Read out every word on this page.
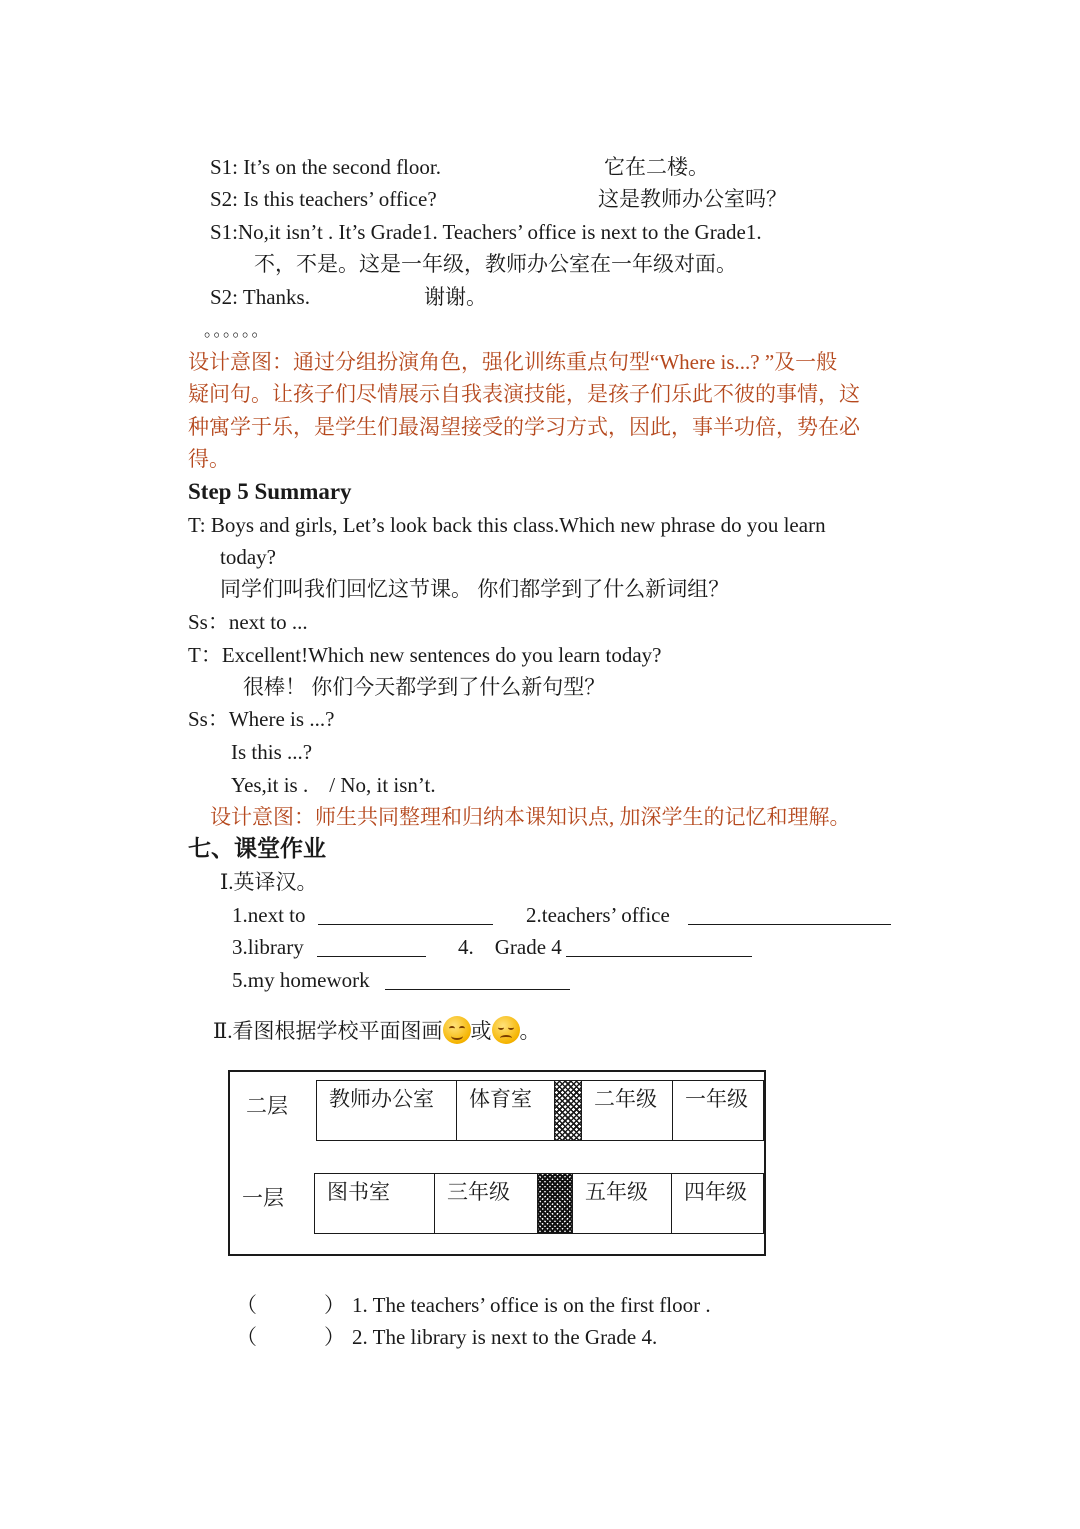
S1: It’s on the second floor.	它在二楼。
S2: Is this teachers’ office?	这是教师办公室吗？
S1:No,it isn’t . It’s Grade1. Teachers’ office is next to the Grade1.
不，不是。这是一年级，教师办公室在一年级对面。
S2: Thanks.	谢谢。
。。。。。。
设计意图：通过分组扮演角色，强化训练重点句型“Where is...? ”及一般
疑问句。让孩子们尽情展示自我表演技能，是孩子们乐此不彼的事情，这
种寓学于乐，是学生们最渴望接受的学习方式，因此，事半功倍，势在必
得。
Step 5 Summary
T: Boys and girls, Let’s look back this class.Which new phrase do you learn
today?
同学们叫我们回忆这节课。 你们都学到了什么新词组？
Ss：next to ...
T：Excellent!Which new sentences do you learn today?
很棒！ 你们今天都学到了什么新句型？
Ss：Where is ...?
Is this ...?
Yes,it is .    / No, it isn’t.
设计意图：师生共同整理和归纳本课知识点, 加深学生的记忆和理解。
七、课堂作业
Ⅰ.英译汉。
1.next to	2.teachers’ office
3.library	4.    Grade 4
5.my homework
Ⅱ.看图根据学校平面图画 或 。
二层	教师办公室	体育室	二年级	一年级
一层	图书室	三年级	五年级	四年级
（	） 1. The teachers’ office is on the first floor .
（	） 2. The library is next to the Grade 4.
